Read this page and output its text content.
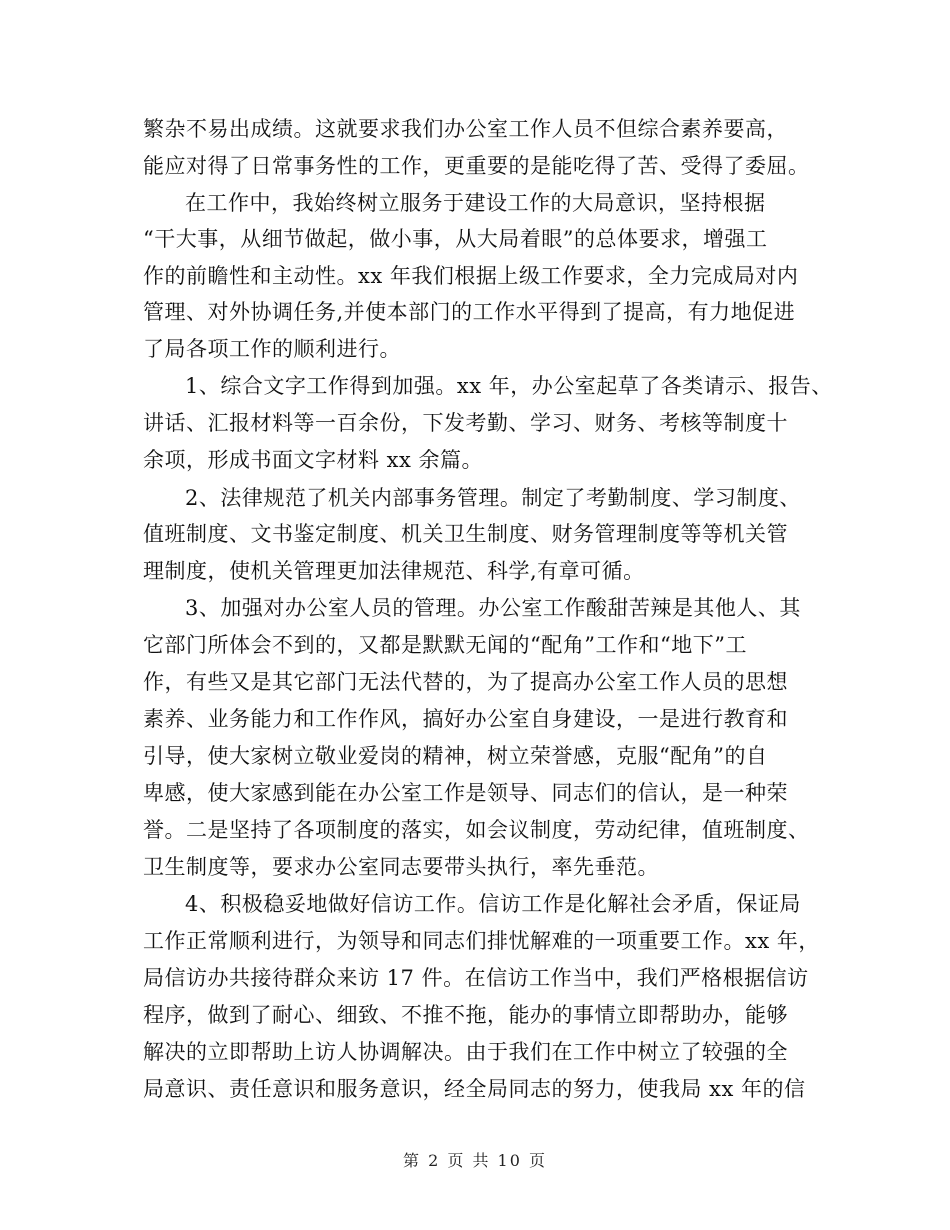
繁杂不易出成绩。这就要求我们办公室工作人员不但综合素养要高，
能应对得了日常事务性的工作，更重要的是能吃得了苦、受得了委屈。
在工作中，我始终树立服务于建设工作的大局意识，坚持根据
“干大事，从细节做起，做小事，从大局着眼”的总体要求，增强工
作的前瞻性和主动性。xx 年我们根据上级工作要求，全力完成局对内
管理、对外协调任务,并使本部门的工作水平得到了提高，有力地促进
了局各项工作的顺利进行。
1、综合文字工作得到加强。xx 年，办公室起草了各类请示、报告、
讲话、汇报材料等一百余份，下发考勤、学习、财务、考核等制度十
余项，形成书面文字材料 xx 余篇。
2、法律规范了机关内部事务管理。制定了考勤制度、学习制度、
值班制度、文书鉴定制度、机关卫生制度、财务管理制度等等机关管
理制度，使机关管理更加法律规范、科学,有章可循。
3、加强对办公室人员的管理。办公室工作酸甜苦辣是其他人、其
它部门所体会不到的，又都是默默无闻的“配角”工作和“地下”工
作，有些又是其它部门无法代替的，为了提高办公室工作人员的思想
素养、业务能力和工作作风，搞好办公室自身建设，一是进行教育和
引导，使大家树立敬业爱岗的精神，树立荣誉感，克服“配角”的自
卑感，使大家感到能在办公室工作是领导、同志们的信认，是一种荣
誉。二是坚持了各项制度的落实，如会议制度，劳动纪律，值班制度、
卫生制度等，要求办公室同志要带头执行，率先垂范。
4、积极稳妥地做好信访工作。信访工作是化解社会矛盾，保证局
工作正常顺利进行，为领导和同志们排忧解难的一项重要工作。xx 年，
局信访办共接待群众来访 17 件。在信访工作当中，我们严格根据信访
程序，做到了耐心、细致、不推不拖，能办的事情立即帮助办，能够
解决的立即帮助上访人协调解决。由于我们在工作中树立了较强的全
局意识、责任意识和服务意识，经全局同志的努力，使我局 xx 年的信
第 2 页 共 10 页
